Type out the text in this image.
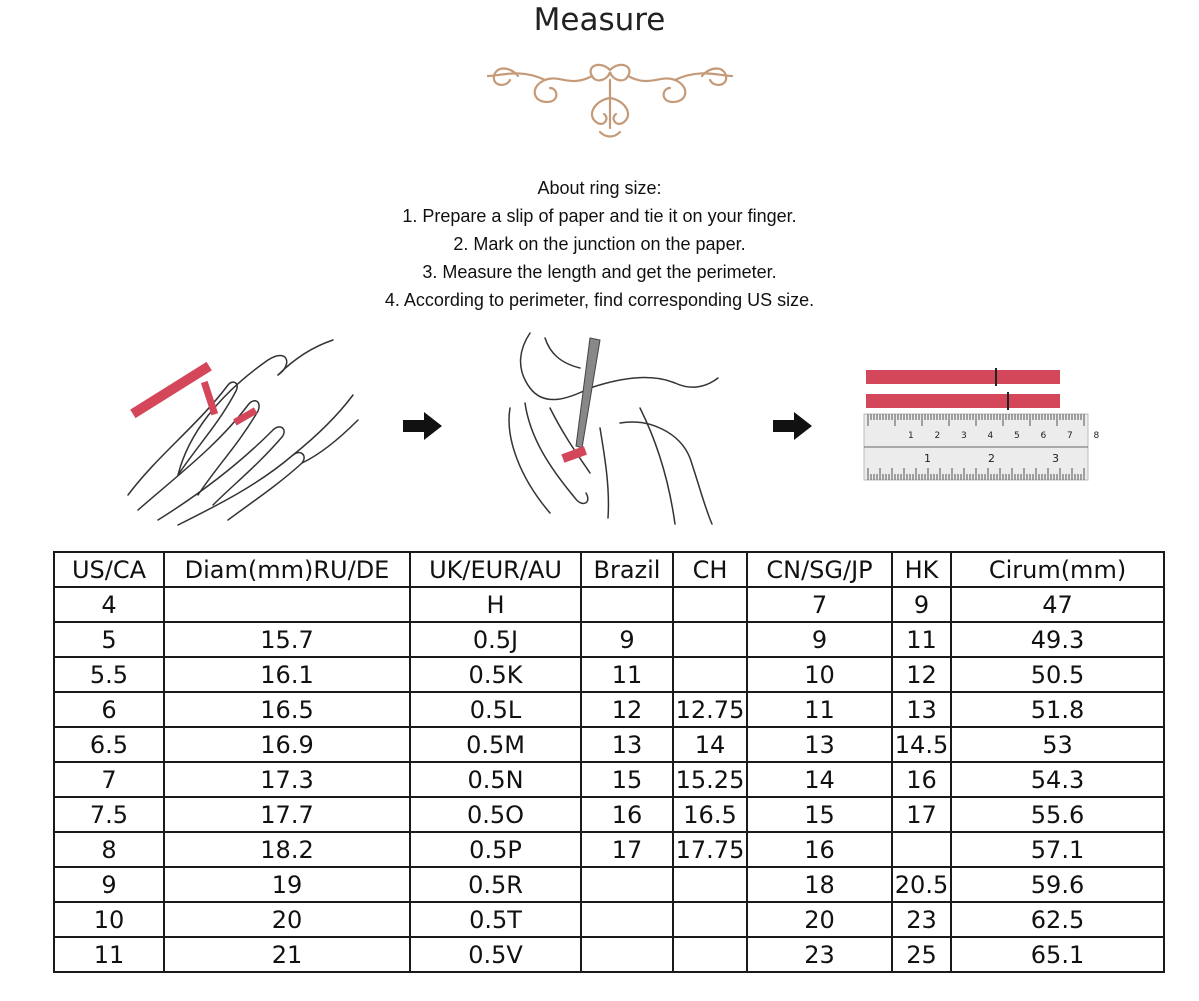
Measure
About ring size:
1. Prepare a slip of paper and tie it on your finger.
2. Mark on the junction on the paper.
3. Measure the length and get the perimeter.
4. According to perimeter, find corresponding US size.
1 2 3 4 5 6 7 8
1	2	3
US/CA	Diam(mm)RU/DE	UK/EUR/AU	Brazil	CH	CN/SG/JP	HK	Cirum(mm)
4		H			7	9	47
5	15.7	0.5J	9		9	11	49.3
5.5	16.1	0.5K	11		10	12	50.5
6	16.5	0.5L	12	12.75	11	13	51.8
6.5	16.9	0.5M	13	14	13	14.5	53
7	17.3	0.5N	15	15.25	14	16	54.3
7.5	17.7	0.5O	16	16.5	15	17	55.6
8	18.2	0.5P	17	17.75	16		57.1
9	19	0.5R			18	20.5	59.6
10	20	0.5T			20	23	62.5
11	21	0.5V			23	25	65.1
